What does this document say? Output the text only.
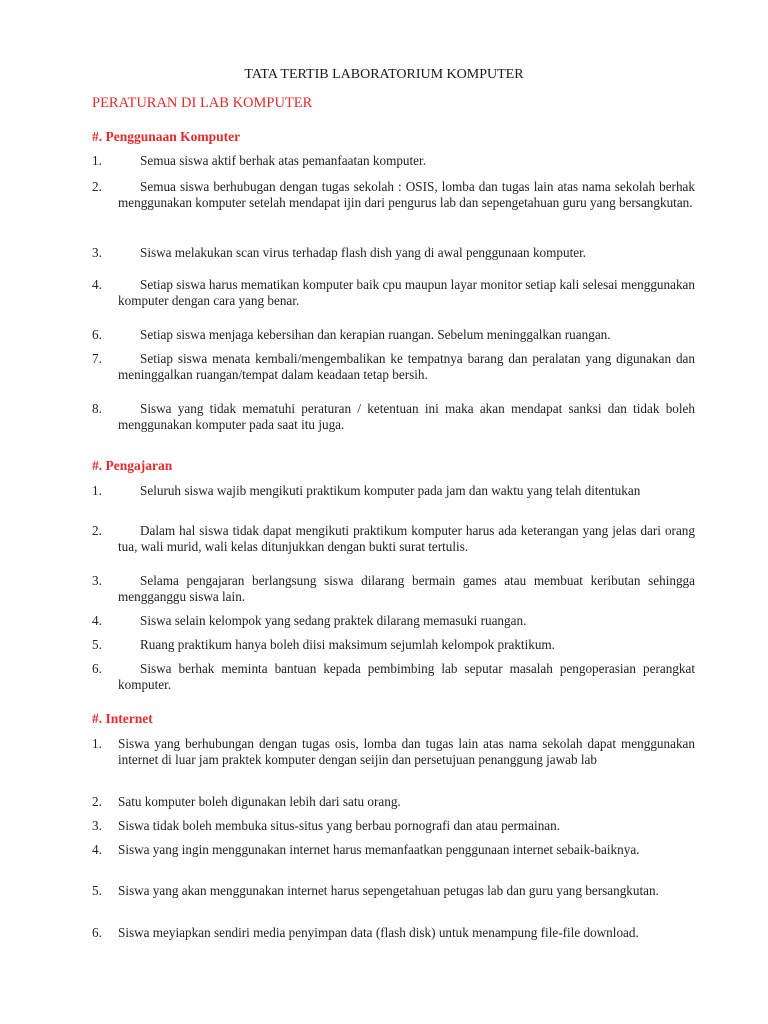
TATA TERTIB LABORATORIUM KOMPUTER
PERATURAN DI LAB KOMPUTER
#. Penggunaan Komputer
1.	Semua siswa aktif berhak atas pemanfaatan komputer.
2.	Semua siswa berhubugan dengan tugas sekolah : OSIS, lomba dan tugas lain atas nama sekolah berhak menggunakan komputer setelah mendapat ijin dari pengurus lab dan sepengetahuan guru yang bersangkutan.
3.	Siswa melakukan scan virus terhadap flash dish yang di awal penggunaan komputer.
4.	Setiap siswa harus mematikan komputer baik cpu maupun layar monitor setiap kali selesai menggunakan komputer dengan cara yang benar.
6.	Setiap siswa menjaga kebersihan dan kerapian ruangan. Sebelum meninggalkan ruangan.
7.	Setiap siswa menata kembali/mengembalikan ke tempatnya barang dan peralatan yang digunakan dan meninggalkan ruangan/tempat dalam keadaan tetap bersih.
8.	Siswa yang tidak mematuhi peraturan / ketentuan ini maka akan mendapat sanksi dan tidak boleh menggunakan komputer pada saat itu juga.
#. Pengajaran
1.	Seluruh siswa wajib mengikuti praktikum komputer pada jam dan waktu yang telah ditentukan
2.	Dalam hal siswa tidak dapat mengikuti praktikum komputer harus ada keterangan yang jelas dari orang tua, wali murid, wali kelas ditunjukkan dengan bukti surat tertulis.
3.	Selama pengajaran berlangsung siswa dilarang bermain games atau membuat keributan sehingga mengganggu siswa lain.
4.	Siswa selain kelompok yang sedang praktek dilarang memasuki ruangan.
5.	Ruang praktikum hanya boleh diisi maksimum sejumlah kelompok praktikum.
6.	Siswa berhak meminta bantuan kepada pembimbing lab seputar masalah pengoperasian perangkat komputer.
#. Internet
1. Siswa yang berhubungan dengan tugas osis, lomba dan tugas lain atas nama sekolah dapat menggunakan internet di luar jam praktek komputer dengan seijin dan persetujuan penanggung jawab lab
2. Satu komputer boleh digunakan lebih dari satu orang.
3. Siswa tidak boleh membuka situs-situs yang berbau pornografi dan atau permainan.
4. Siswa yang ingin menggunakan internet harus memanfaatkan penggunaan internet sebaik-baiknya.
5. Siswa yang akan menggunakan internet harus sepengetahuan petugas lab dan guru yang bersangkutan.
6. Siswa meyiapkan sendiri media penyimpan data (flash disk) untuk menampung file-file download.
